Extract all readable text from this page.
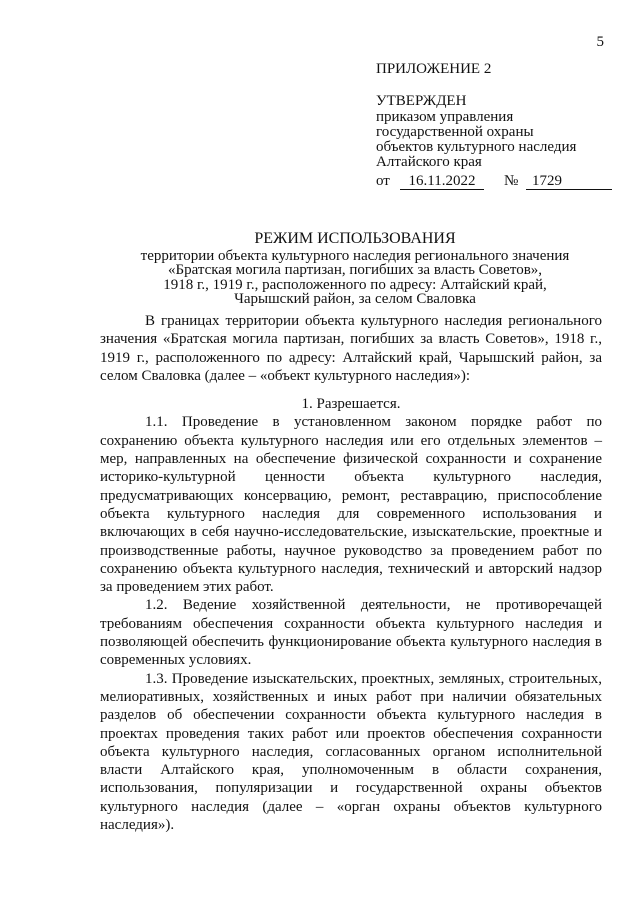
5
ПРИЛОЖЕНИЕ 2
УТВЕРЖДЕН
приказом управления
государственной охраны
объектов культурного наследия
Алтайского края
от	16.11.2022	№ 1729
РЕЖИМ ИСПОЛЬЗОВАНИЯ
территории объекта культурного наследия регионального значения
«Братская могила партизан, погибших за власть Советов»,
1918 г., 1919 г., расположенного по адресу: Алтайский край,
Чарышский район, за селом Сваловка

В границах территории объекта культурного наследия регионального значения «Братская могила партизан, погибших за власть Советов», 1918 г., 1919 г., расположенного по адресу: Алтайский край, Чарышский район, за селом Сваловка (далее – «объект культурного наследия»):

1. Разрешается.

1.1. Проведение в установленном законом порядке работ по сохранению объекта культурного наследия или его отдельных элементов – мер, направленных на обеспечение физической сохранности и сохранение историко-культурной ценности объекта культурного наследия, предусматривающих консервацию, ремонт, реставрацию, приспособление объекта культурного наследия для современного использования и включающих в себя научно-исследовательские, изыскательские, проектные и производственные работы, научное руководство за проведением работ по сохранению объекта культурного наследия, технический и авторский надзор за проведением этих работ.

1.2. Ведение хозяйственной деятельности, не противоречащей требованиям обеспечения сохранности объекта культурного наследия и позволяющей обеспечить функционирование объекта культурного наследия в современных условиях.

1.3. Проведение изыскательских, проектных, земляных, строительных, мелиоративных, хозяйственных и иных работ при наличии обязательных разделов об обеспечении сохранности объекта культурного наследия в проектах проведения таких работ или проектов обеспечения сохранности объекта культурного наследия, согласованных органом исполнительной власти Алтайского края, уполномоченным в области сохранения, использования, популяризации и государственной охраны объектов культурного наследия (далее – «орган охраны объектов культурного наследия»).
